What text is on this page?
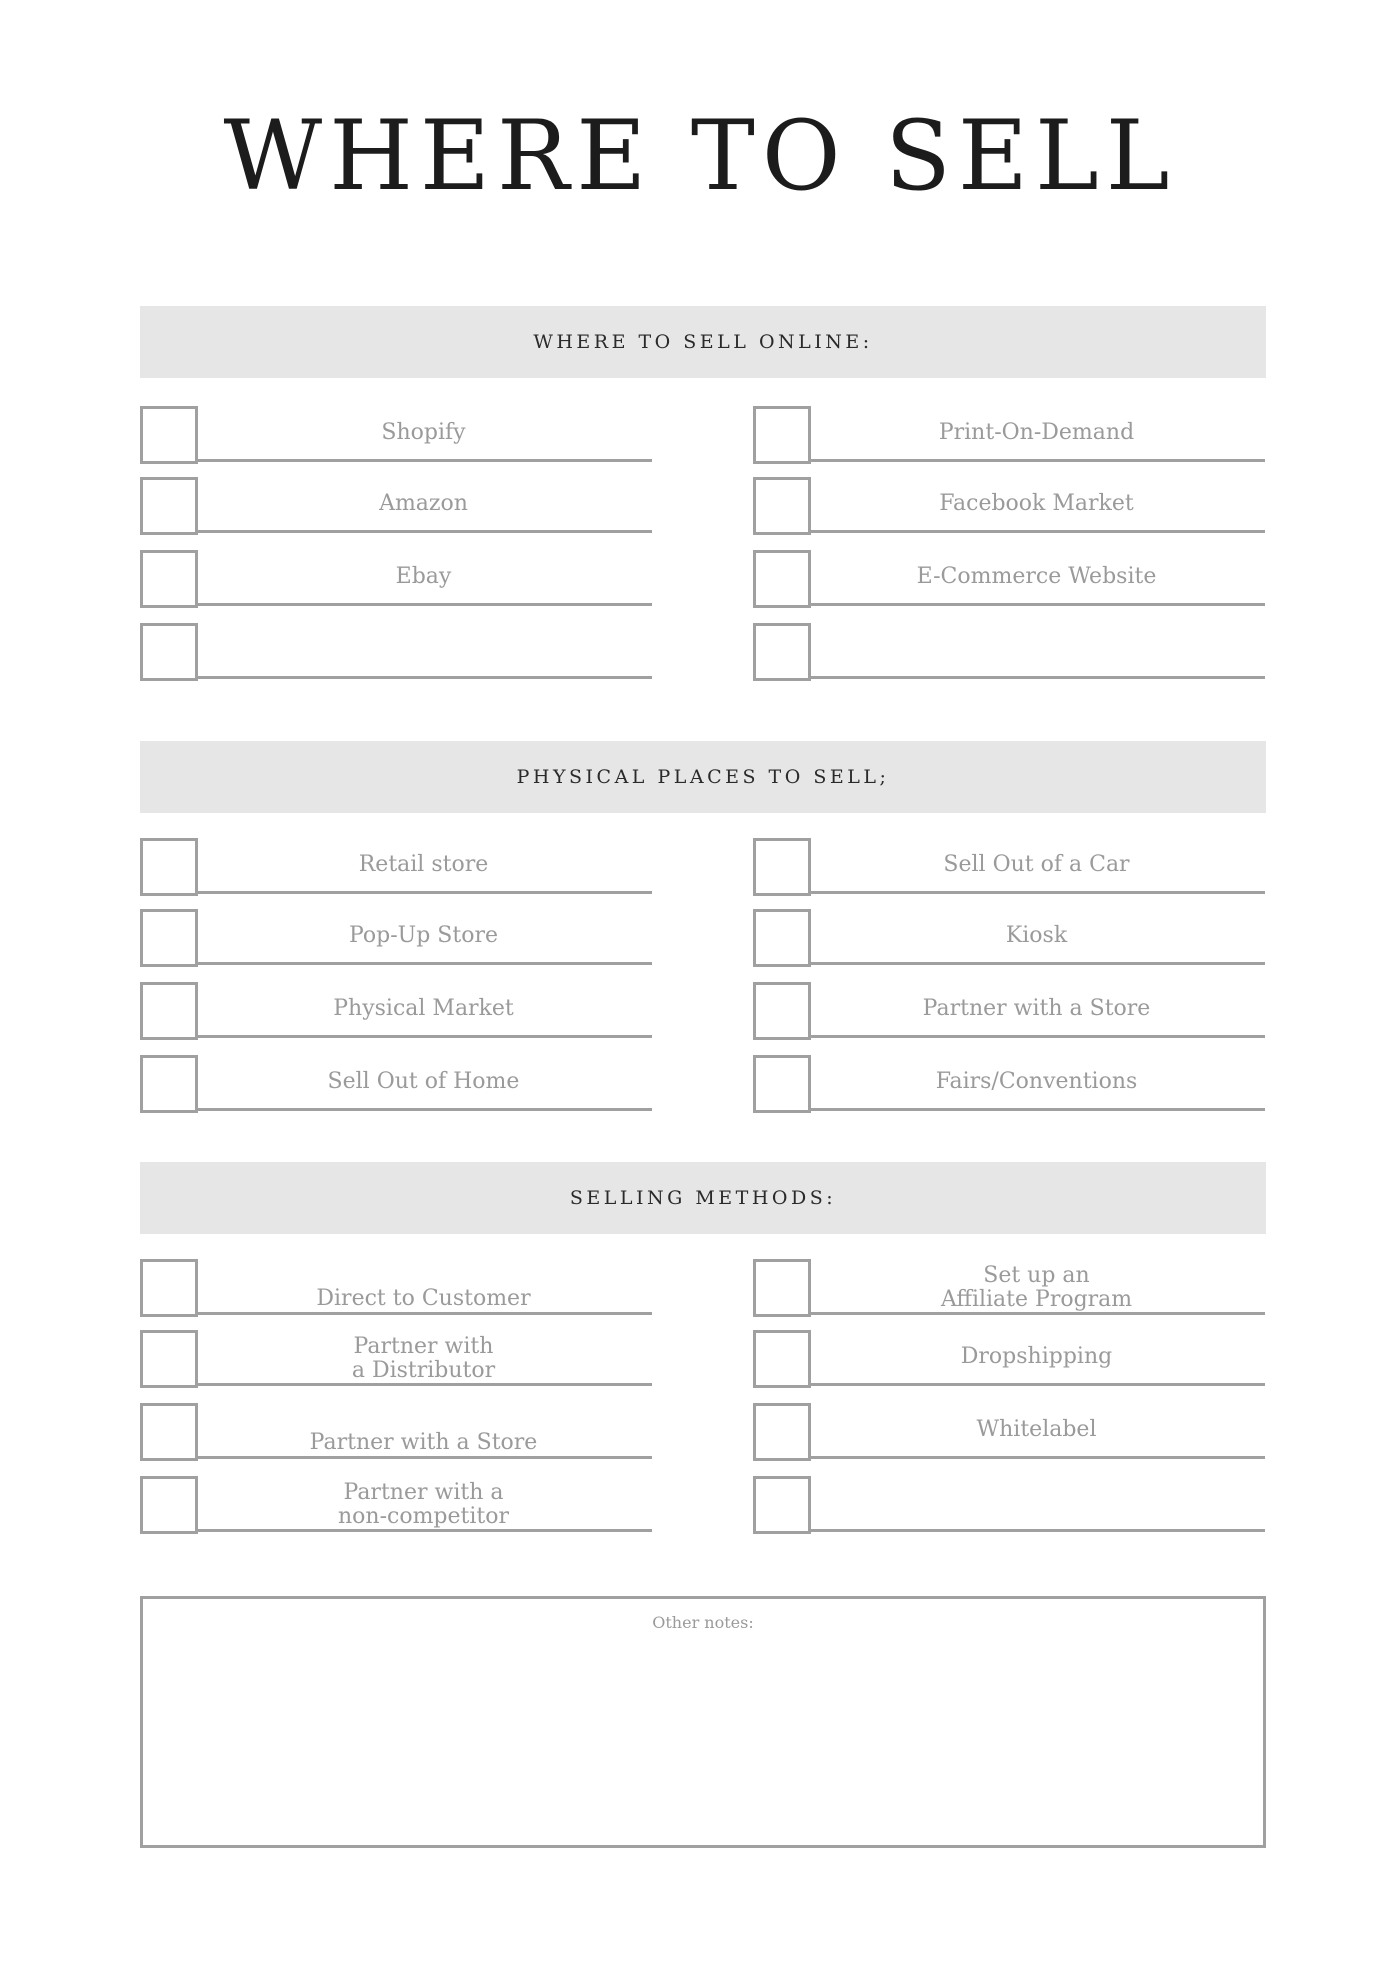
WHERE TO SELL
WHERE TO SELL ONLINE:
Shopify
Amazon
Ebay
Print-On-Demand
Facebook Market
E-Commerce Website
PHYSICAL PLACES TO SELL;
Retail store
Pop-Up Store
Physical Market
Sell Out of Home
Sell Out of a Car
Kiosk
Partner with a Store
Fairs/Conventions
SELLING METHODS:
Direct to Customer
Partner with
a Distributor
Partner with a Store
Partner with a
non-competitor
Set up an
Affiliate Program
Dropshipping
Whitelabel
Other notes:
